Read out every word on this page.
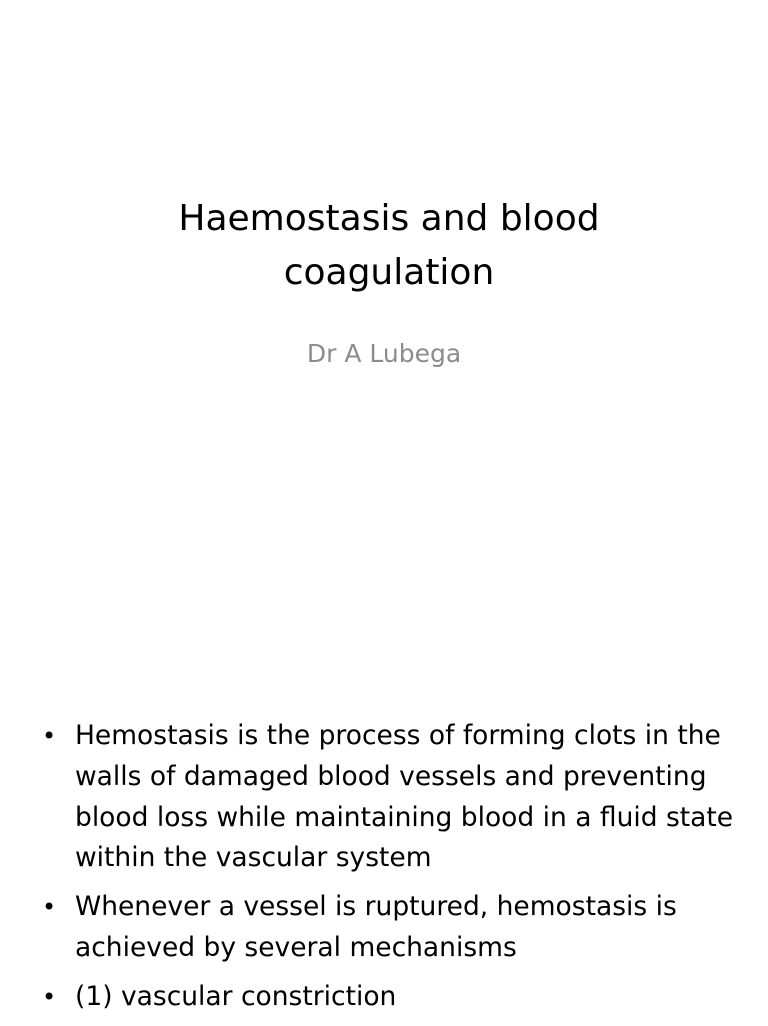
Haemostasis and blood
coagulation

Dr A Lubega

• Hemostasis is the process of forming clots in the walls of damaged blood vessels and preventing blood loss while maintaining blood in a fluid state within the vascular system
• Whenever a vessel is ruptured, hemostasis is achieved by several mechanisms
• (1) vascular constriction
